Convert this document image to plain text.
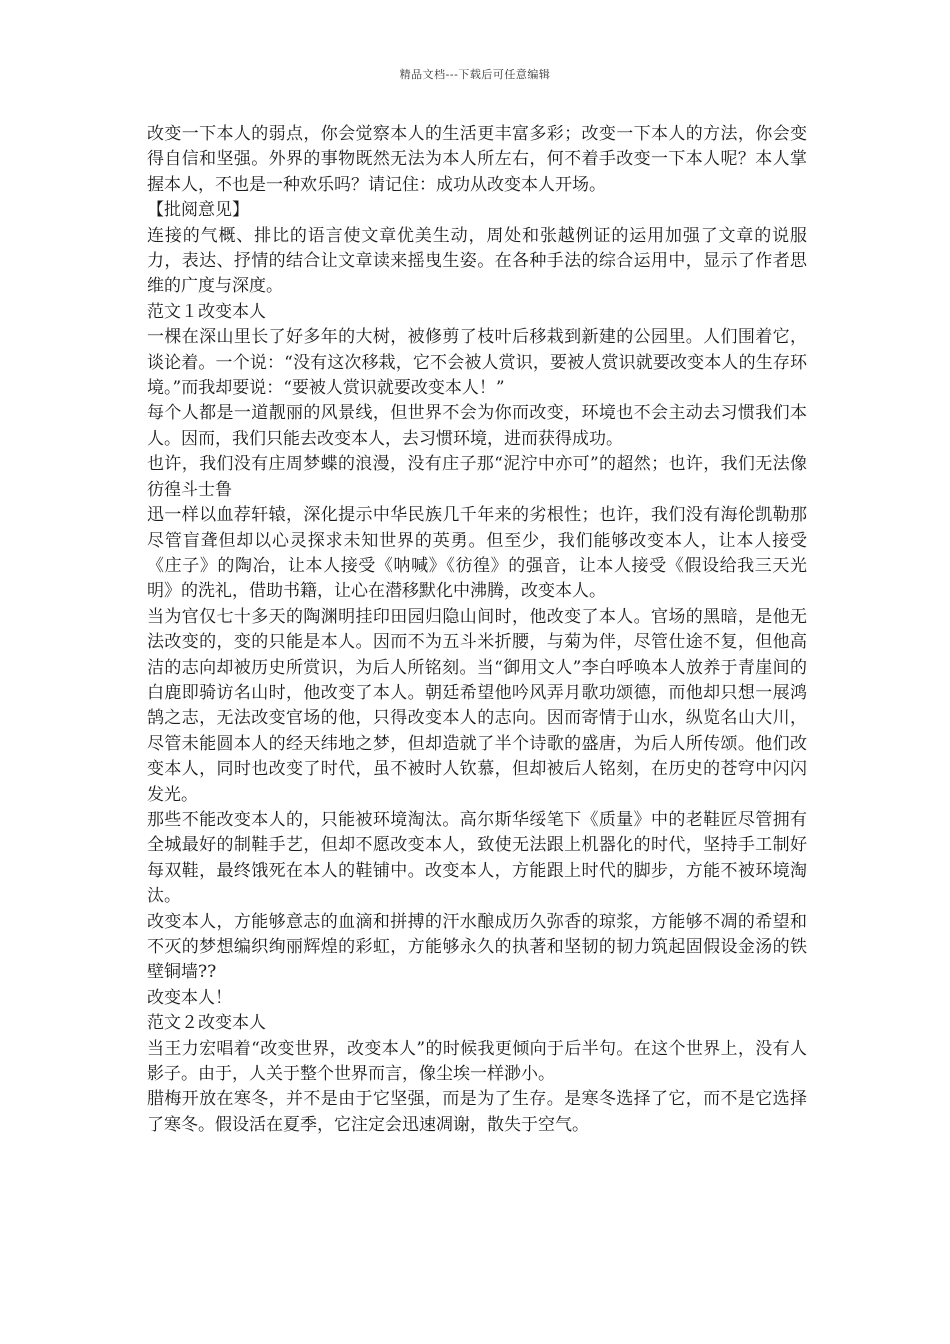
精品文档---下载后可任意编辑

改变一下本人的弱点，你会觉察本人的生活更丰富多彩；改变一下本人的方法，你会变得自信和坚强。外界的事物既然无法为本人所左右，何不着手改变一下本人呢？本人掌握本人，不也是一种欢乐吗？请记住：成功从改变本人开场。

【批阅意见】

连接的气概、排比的语言使文章优美生动，周处和张越例证的运用加强了文章的说服力，表达、抒情的结合让文章读来摇曳生姿。在各种手法的综合运用中，显示了作者思维的广度与深度。

范文１改变本人

一棵在深山里长了好多年的大树，被修剪了枝叶后移栽到新建的公园里。人们围着它，谈论着。一个说：“没有这次移栽，它不会被人赏识，要被人赏识就要改变本人的生存环境。”而我却要说：“要被人赏识就要改变本人！”

每个人都是一道靓丽的风景线，但世界不会为你而改变，环境也不会主动去习惯我们本人。因而，我们只能去改变本人，去习惯环境，进而获得成功。

也许，我们没有庄周梦蝶的浪漫，没有庄子那“泥泞中亦可”的超然；也许，我们无法像彷徨斗士鲁

迅一样以血荐轩辕，深化提示中华民族几千年来的劣根性；也许，我们没有海伦凯勒那尽管盲聋但却以心灵探求未知世界的英勇。但至少，我们能够改变本人，让本人接受《庄子》的陶冶，让本人接受《呐喊》《彷徨》的强音，让本人接受《假设给我三天光明》的洗礼，借助书籍，让心在潜移默化中沸腾，改变本人。

当为官仅七十多天的陶渊明挂印田园归隐山间时，他改变了本人。官场的黑暗，是他无法改变的，变的只能是本人。因而不为五斗米折腰，与菊为伴，尽管仕途不复，但他高洁的志向却被历史所赏识，为后人所铭刻。当“御用文人”李白呼唤本人放养于青崖间的白鹿即骑访名山时，他改变了本人。朝廷希望他吟风弄月歌功颂德，而他却只想一展鸿鹄之志，无法改变官场的他，只得改变本人的志向。因而寄情于山水，纵览名山大川，尽管未能圆本人的经天纬地之梦，但却造就了半个诗歌的盛唐，为后人所传颂。他们改变本人，同时也改变了时代，虽不被时人钦慕，但却被后人铭刻，在历史的苍穹中闪闪发光。

那些不能改变本人的，只能被环境淘汰。高尔斯华绥笔下《质量》中的老鞋匠尽管拥有全城最好的制鞋手艺，但却不愿改变本人，致使无法跟上机器化的时代，坚持手工制好每双鞋，最终饿死在本人的鞋铺中。改变本人，方能跟上时代的脚步，方能不被环境淘汰。

改变本人，方能够意志的血滴和拼搏的汗水酿成历久弥香的琼浆，方能够不凋的希望和不灭的梦想编织绚丽辉煌的彩虹，方能够永久的执著和坚韧的韧力筑起固假设金汤的铁壁铜墙??

改变本人！

范文２改变本人

当王力宏唱着“改变世界，改变本人”的时候我更倾向于后半句。在这个世界上，没有人影子。由于，人关于整个世界而言，像尘埃一样渺小。

腊梅开放在寒冬，并不是由于它坚强，而是为了生存。是寒冬选择了它，而不是它选择了寒冬。假设活在夏季，它注定会迅速凋谢，散失于空气。
